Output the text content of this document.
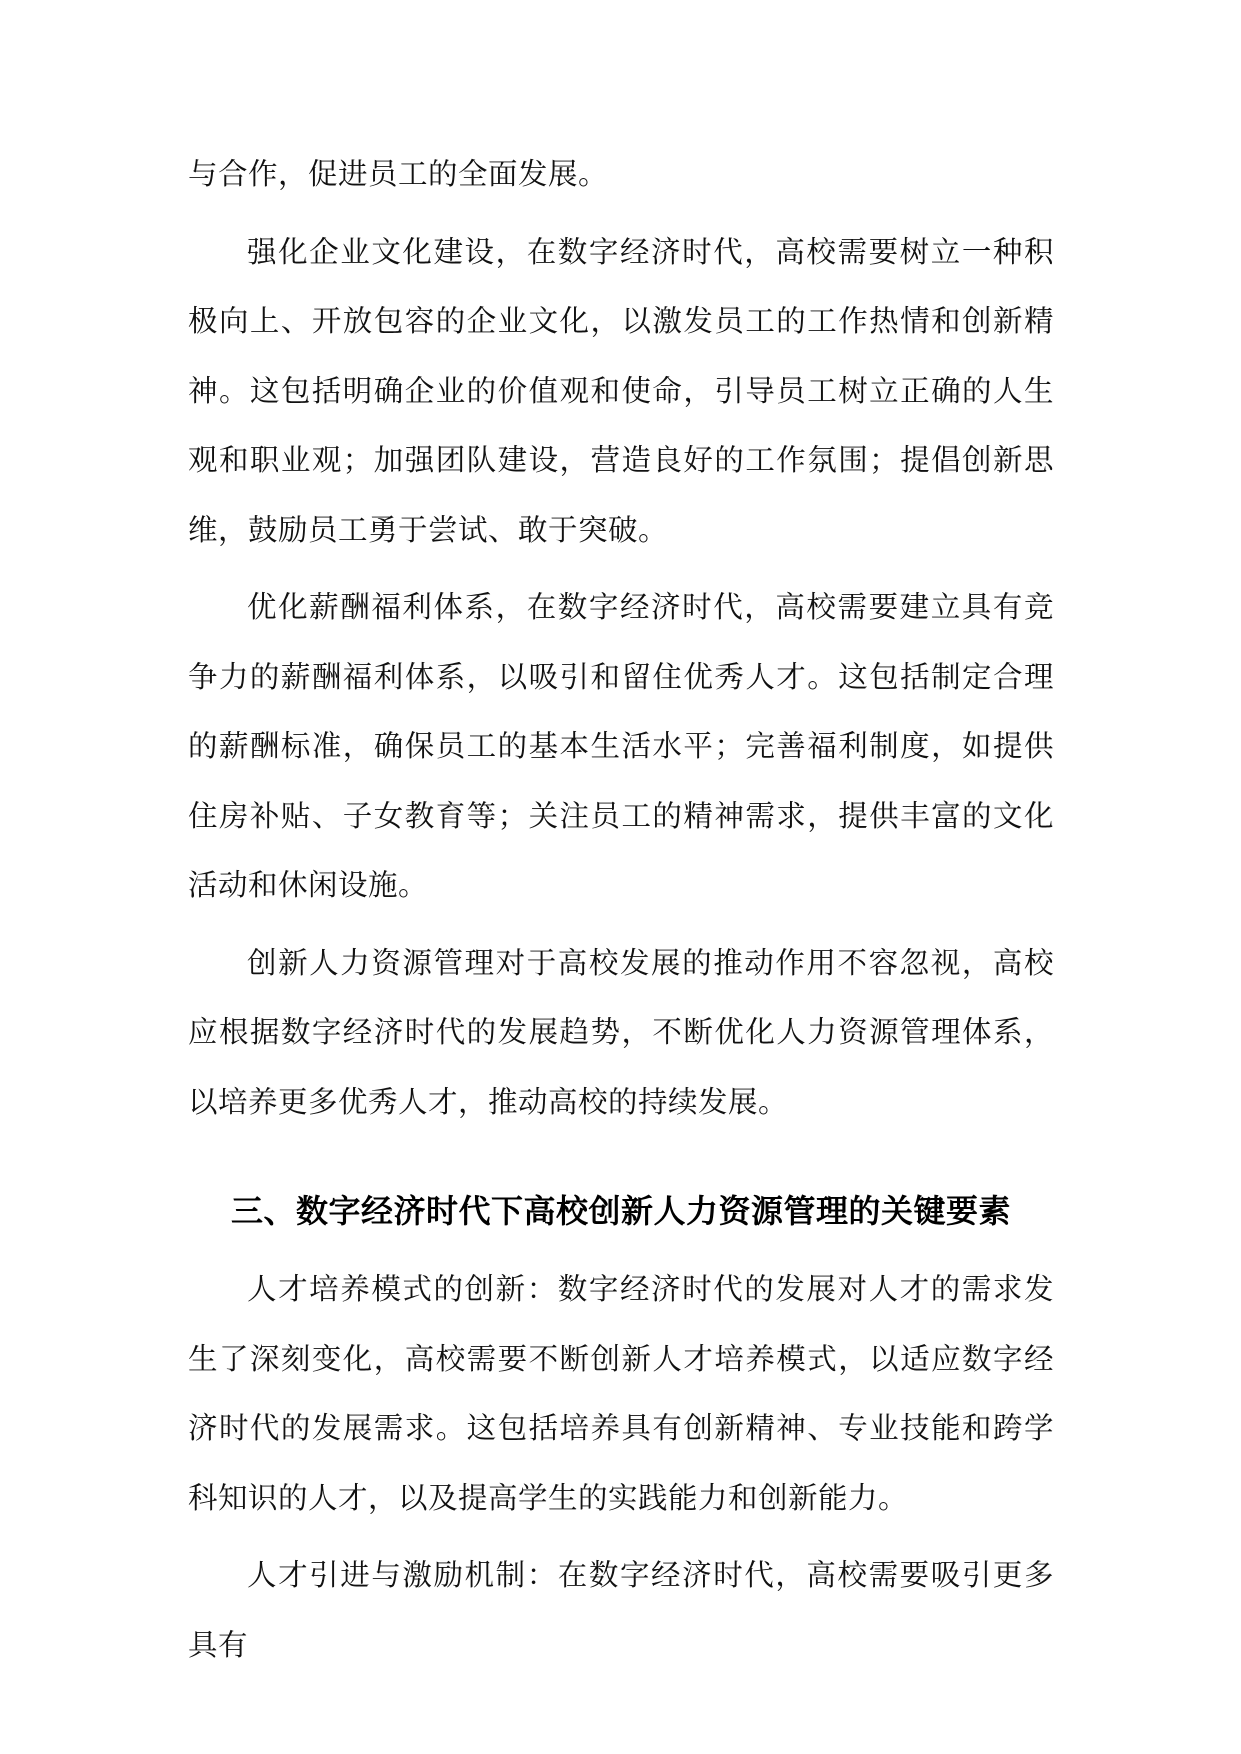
与合作，促进员工的全面发展。

强化企业文化建设，在数字经济时代，高校需要树立一种积极向上、开放包容的企业文化，以激发员工的工作热情和创新精神。这包括明确企业的价值观和使命，引导员工树立正确的人生观和职业观；加强团队建设，营造良好的工作氛围；提倡创新思维，鼓励员工勇于尝试、敢于突破。

优化薪酬福利体系，在数字经济时代，高校需要建立具有竞争力的薪酬福利体系，以吸引和留住优秀人才。这包括制定合理的薪酬标准，确保员工的基本生活水平；完善福利制度，如提供住房补贴、子女教育等；关注员工的精神需求，提供丰富的文化活动和休闲设施。

创新人力资源管理对于高校发展的推动作用不容忽视，高校应根据数字经济时代的发展趋势，不断优化人力资源管理体系，以培养更多优秀人才，推动高校的持续发展。

三、数字经济时代下高校创新人力资源管理的关键要素

人才培养模式的创新：数字经济时代的发展对人才的需求发生了深刻变化，高校需要不断创新人才培养模式，以适应数字经济时代的发展需求。这包括培养具有创新精神、专业技能和跨学科知识的人才，以及提高学生的实践能力和创新能力。

人才引进与激励机制：在数字经济时代，高校需要吸引更多具有
